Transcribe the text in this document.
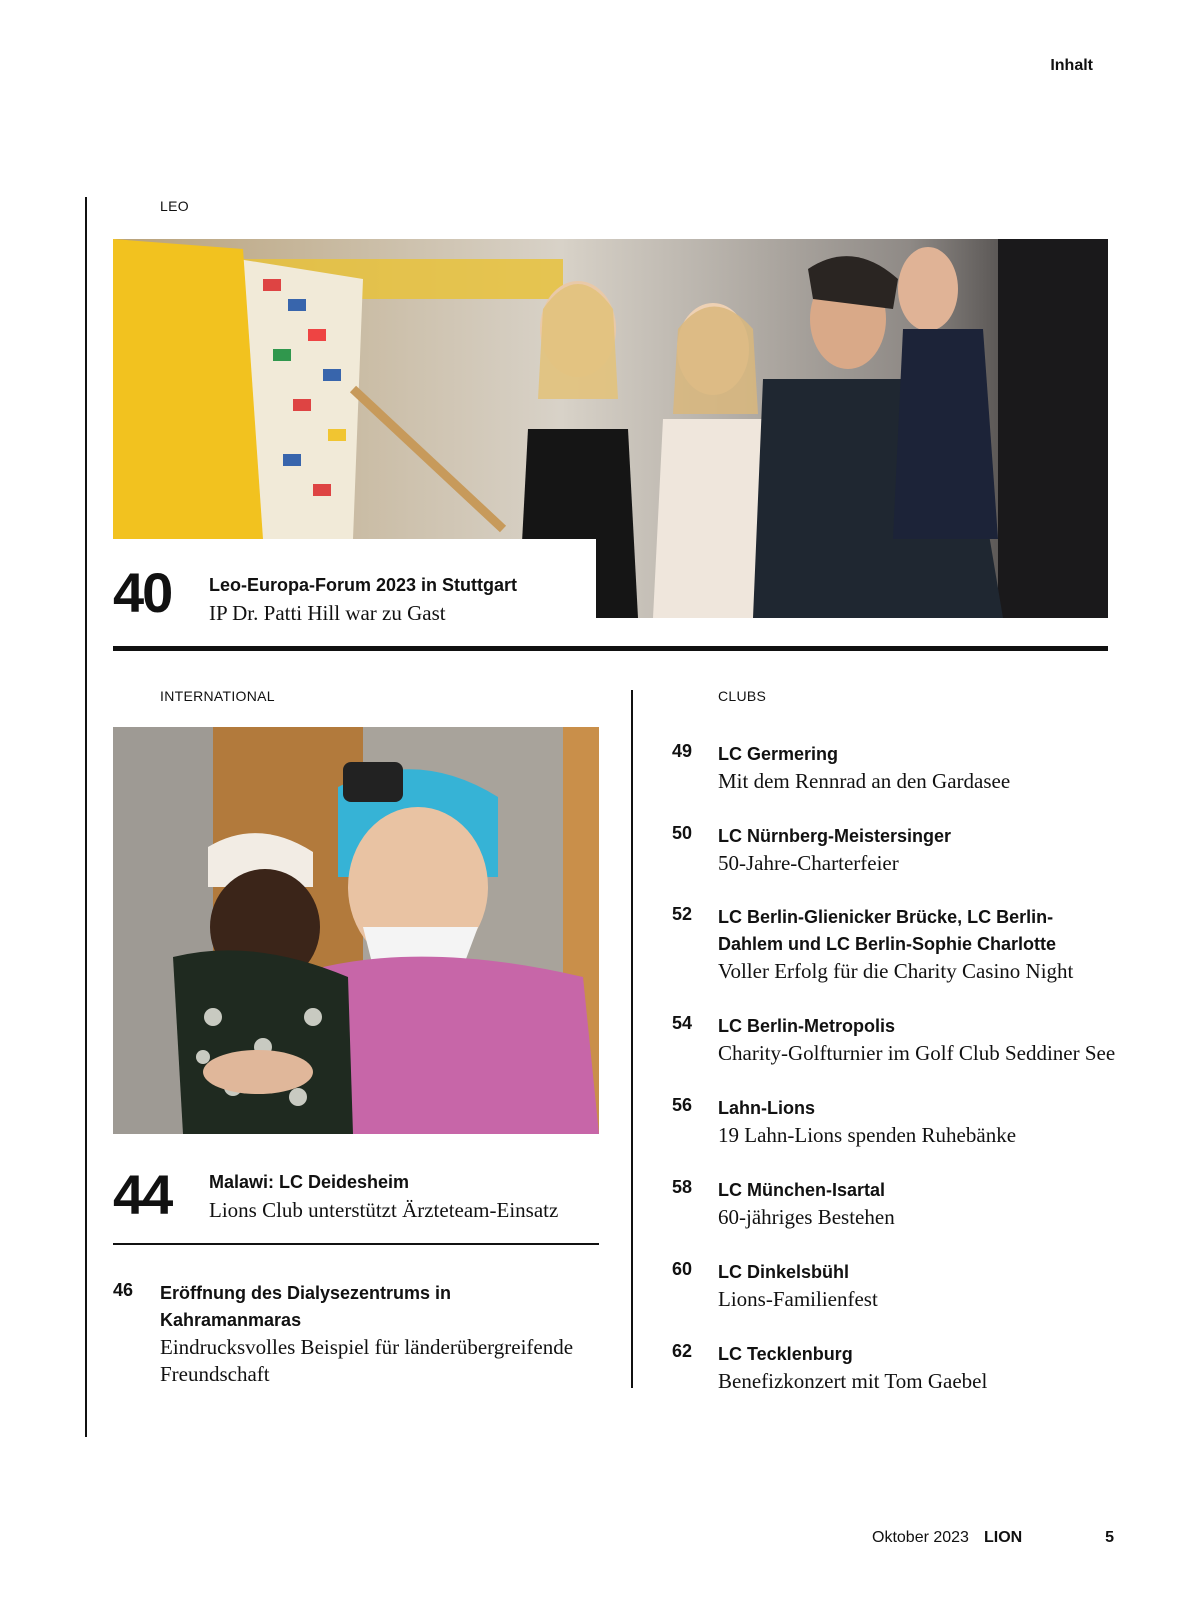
Inhalt
LEO
40 Leo-Europa-Forum 2023 in Stuttgart
IP Dr. Patti Hill war zu Gast
INTERNATIONAL
44 Malawi: LC Deidesheim
Lions Club unterstützt Ärzteteam-Einsatz
46 Eröffnung des Dialysezentrums in Kahramanmaras
Eindrucksvolles Beispiel für länderübergreifende Freundschaft
CLUBS
49 LC Germering
Mit dem Rennrad an den Gardasee
50 LC Nürnberg-Meistersinger
50-Jahre-Charterfeier
52 LC Berlin-Glienicker Brücke, LC Berlin-Dahlem und LC Berlin-Sophie Charlotte
Voller Erfolg für die Charity Casino Night
54 LC Berlin-Metropolis
Charity-Golfturnier im Golf Club Seddiner See
56 Lahn-Lions
19 Lahn-Lions spenden Ruhebänke
58 LC München-Isartal
60-jähriges Bestehen
60 LC Dinkelsbühl
Lions-Familienfest
62 LC Tecklenburg
Benefizkonzert mit Tom Gaebel
Oktober 2023 LION	5
